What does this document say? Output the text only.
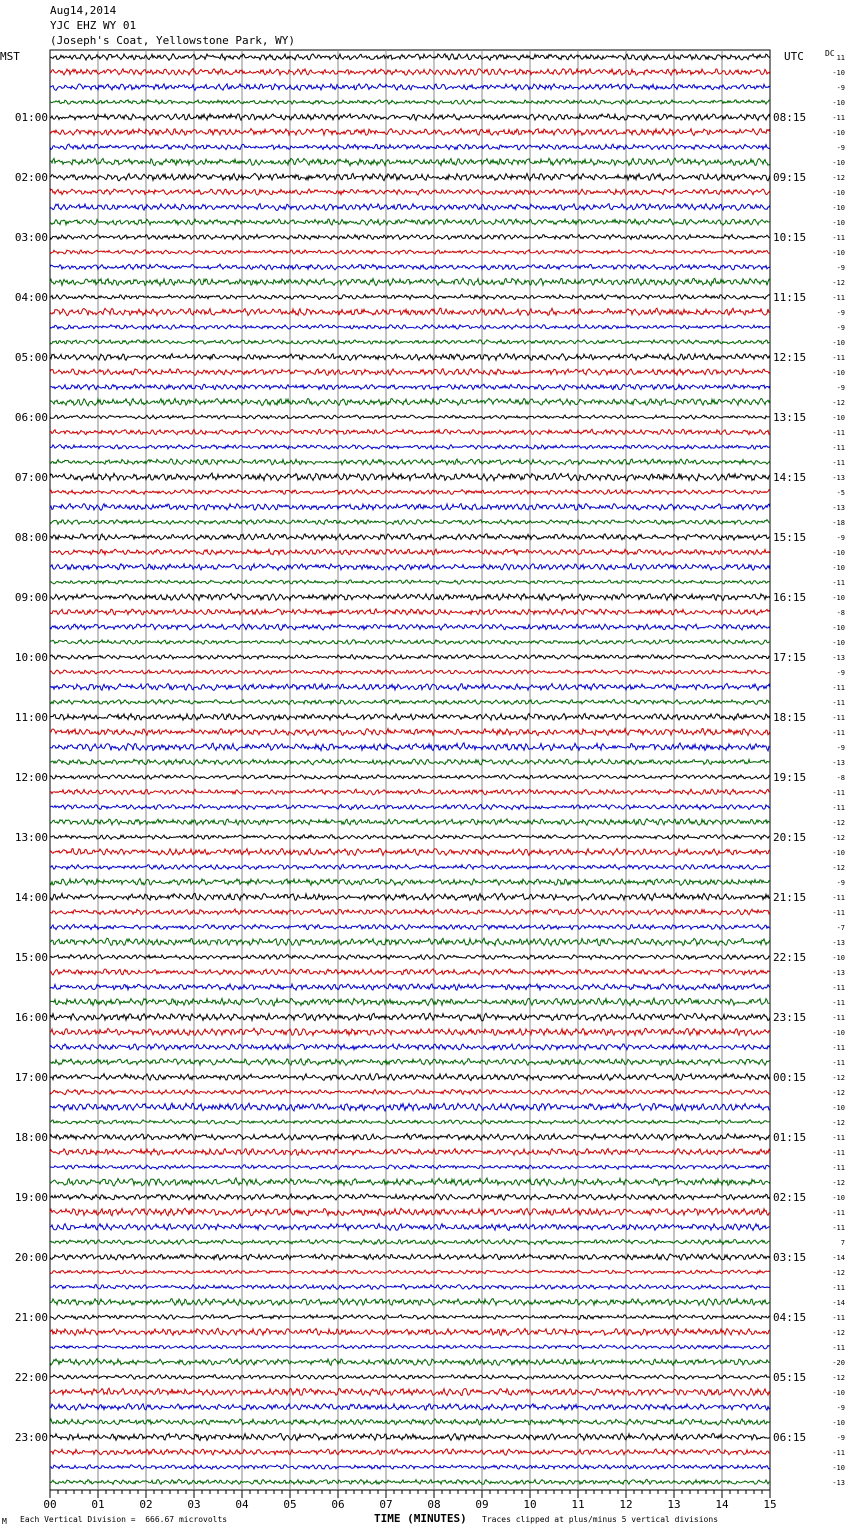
Aug14,2014
YJC EHZ WY 01
(Joseph's Coat, Yellowstone Park, WY)
MST	UTC	DC
01:00
02:00
03:00
04:00
05:00
06:00
07:00
08:00
09:00
10:00
11:00
12:00
13:00
14:00
15:00
16:00
17:00
18:00
19:00
20:00
21:00
22:00
23:00
08:15
09:15
10:15
11:15
12:15
13:15
14:15
15:15
16:15
17:15
18:15
19:15
20:15
21:15
22:15
23:15
00:15
01:15
02:15
03:15
04:15
05:15
06:15
11
-10
-9
-10
-11
-10
-9
-10
-12
-10
-10
-10
-11
-10
-9
-12
-11
-9
-9
-10
-11
-10
-9
-12
-10
-11
-11
-11
-13
-5
-13
-18
-9
-10
-10
-11
-10
-8
-10
-10
-13
-9
-11
-11
-11
-11
-9
-13
-8
-11
-11
-12
-12
-10
-12
-9
-11
-11
-7
-13
-10
-13
-11
-11
-11
-10
-11
-11
-12
-12
-10
-12
-11
-11
-11
-12
-10
-11
-11
7
-14
-12
-11
-14
-11
-12
-11
-20
-12
-10
-9
-10
-9
-11
-10
-13
00	01	02	03	04	05	06	07	08	09	10	11	12	13	14	15
M Each Vertical Division =  666.67 microvolts	TIME (MINUTES) Traces clipped at plus/minus 5 vertical divisions
